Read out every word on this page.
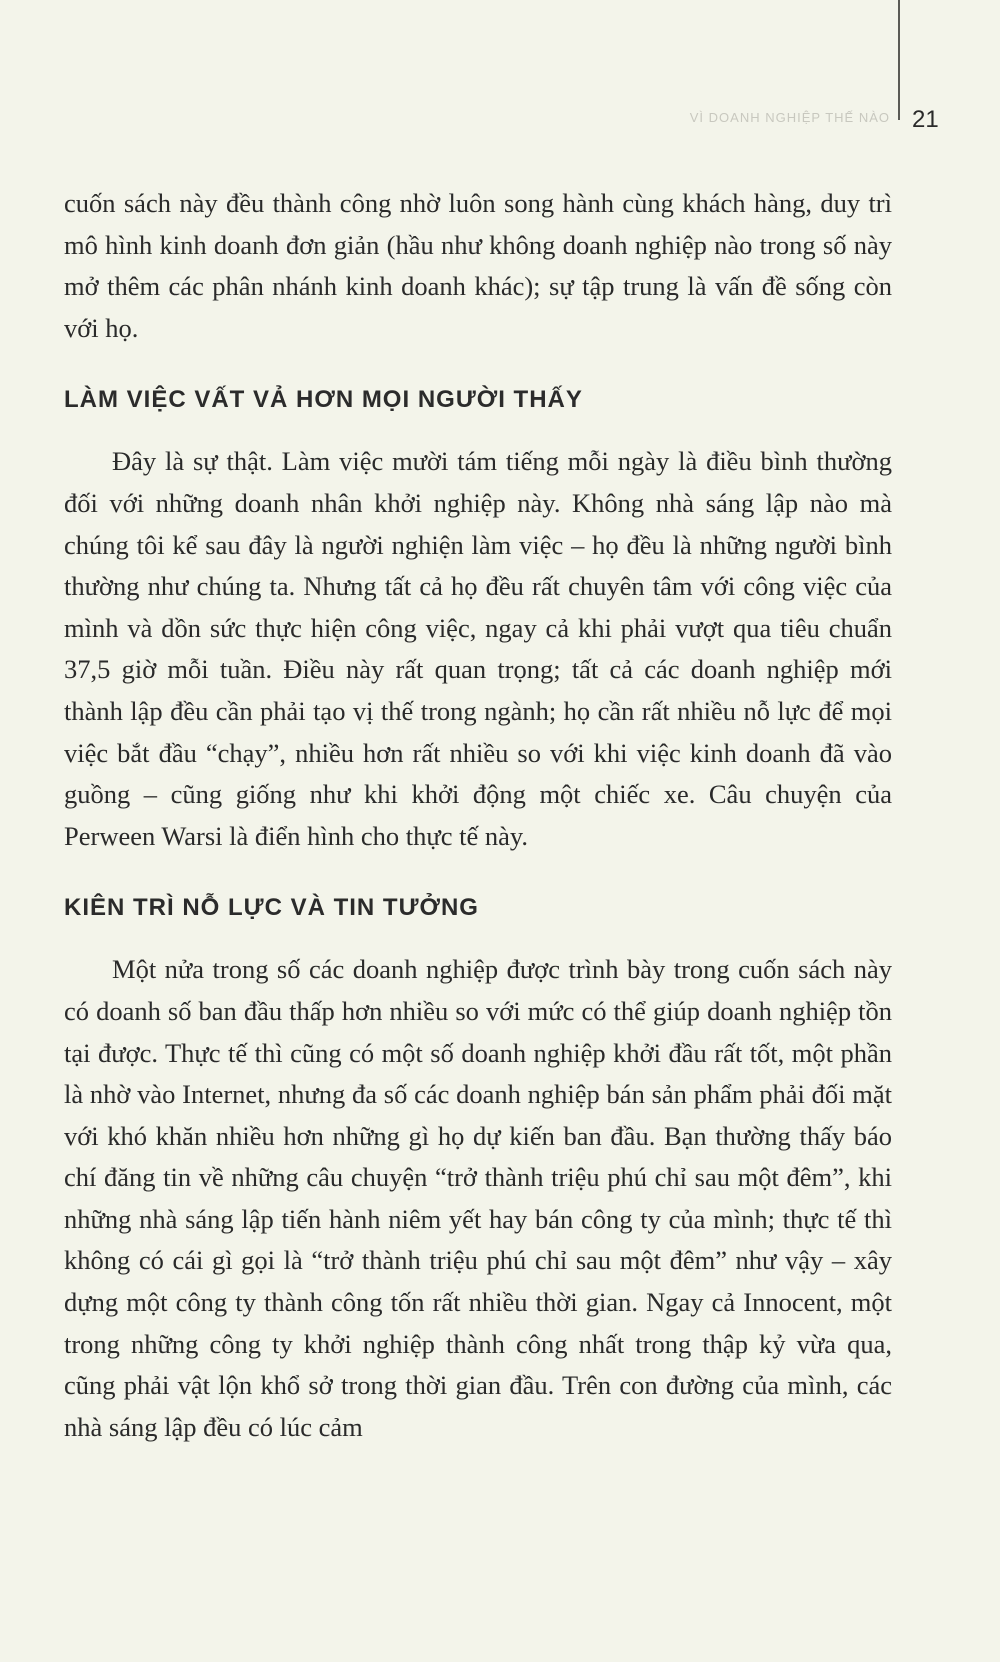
VÌ DOANH NGHIỆP THẾ NÀO 21

cuốn sách này đều thành công nhờ luôn song hành cùng khách hàng, duy trì mô hình kinh doanh đơn giản (hầu như không doanh nghiệp nào trong số này mở thêm các phân nhánh kinh doanh khác); sự tập trung là vấn đề sống còn với họ.

LÀM VIỆC VẤT VẢ HƠN MỌI NGƯỜI THẤY

Đây là sự thật. Làm việc mười tám tiếng mỗi ngày là điều bình thường đối với những doanh nhân khởi nghiệp này. Không nhà sáng lập nào mà chúng tôi kể sau đây là người nghiện làm việc – họ đều là những người bình thường như chúng ta. Nhưng tất cả họ đều rất chuyên tâm với công việc của mình và dồn sức thực hiện công việc, ngay cả khi phải vượt qua tiêu chuẩn 37,5 giờ mỗi tuần. Điều này rất quan trọng; tất cả các doanh nghiệp mới thành lập đều cần phải tạo vị thế trong ngành; họ cần rất nhiều nỗ lực để mọi việc bắt đầu “chạy”, nhiều hơn rất nhiều so với khi việc kinh doanh đã vào guồng – cũng giống như khi khởi động một chiếc xe. Câu chuyện của Perween Warsi là điển hình cho thực tế này.

KIÊN TRÌ NỖ LỰC VÀ TIN TƯỞNG

Một nửa trong số các doanh nghiệp được trình bày trong cuốn sách này có doanh số ban đầu thấp hơn nhiều so với mức có thể giúp doanh nghiệp tồn tại được. Thực tế thì cũng có một số doanh nghiệp khởi đầu rất tốt, một phần là nhờ vào Internet, nhưng đa số các doanh nghiệp bán sản phẩm phải đối mặt với khó khăn nhiều hơn những gì họ dự kiến ban đầu. Bạn thường thấy báo chí đăng tin về những câu chuyện “trở thành triệu phú chỉ sau một đêm”, khi những nhà sáng lập tiến hành niêm yết hay bán công ty của mình; thực tế thì không có cái gì gọi là “trở thành triệu phú chỉ sau một đêm” như vậy – xây dựng một công ty thành công tốn rất nhiều thời gian. Ngay cả Innocent, một trong những công ty khởi nghiệp thành công nhất trong thập kỷ vừa qua, cũng phải vật lộn khổ sở trong thời gian đầu. Trên con đường của mình, các nhà sáng lập đều có lúc cảm
